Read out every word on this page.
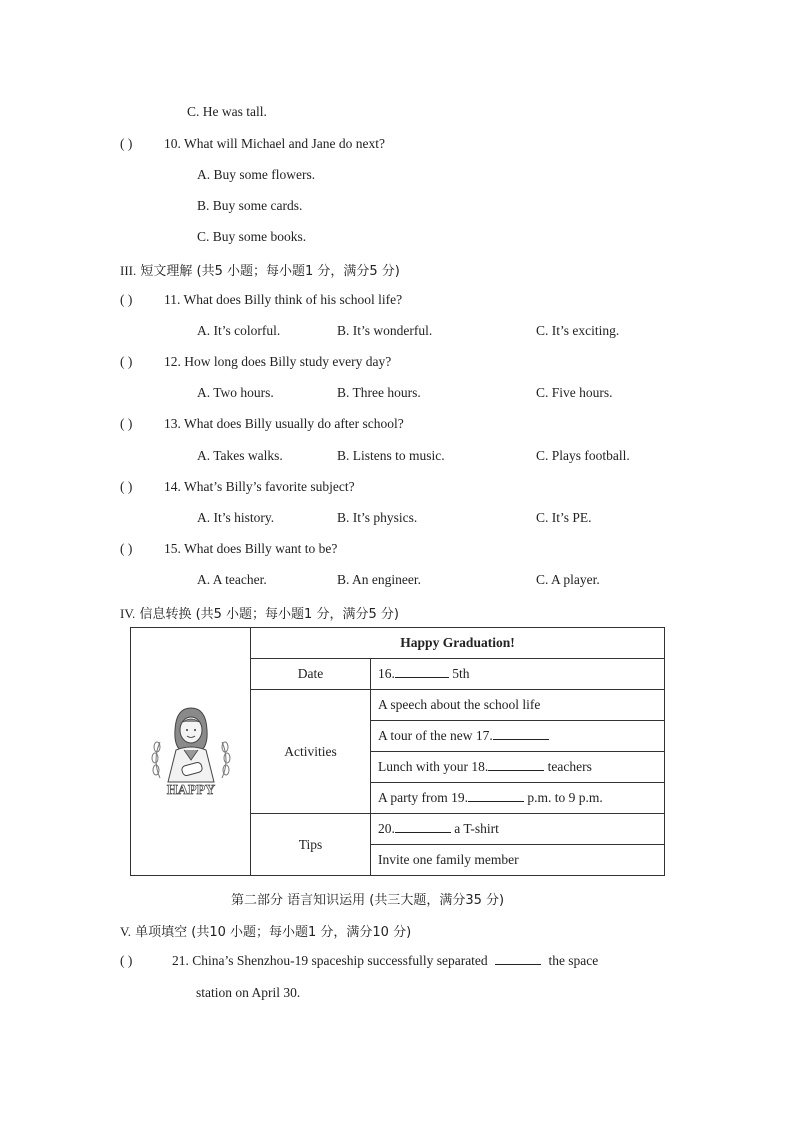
C. He was tall.
( ) 10. What will Michael and Jane do next?
A. Buy some flowers.
B. Buy some cards.
C. Buy some books.
III. 短文理解 (共5 小题；每小题1 分，满分5 分)
( ) 11. What does Billy think of his school life?
A. It’s colorful.	B. It’s wonderful.	C. It’s exciting.
( ) 12. How long does Billy study every day?
A. Two hours.	B. Three hours.	C. Five hours.
( ) 13. What does Billy usually do after school?
A. Takes walks.	B. Listens to music.	C. Plays football.
( ) 14. What’s Billy’s favorite subject?
A. It’s history.	B. It’s physics.	C. It’s PE.
( ) 15. What does Billy want to be?
A. A teacher.	B. An engineer.	C. A player.
IV. 信息转换 (共5 小题；每小题1 分，满分5 分)
HAPPY	Happy Graduation!	
	Date	16. 5th
	Activities	A speech about the school life
		A tour of the new 17.
		Lunch with your 18. teachers
		A party from 19. p.m. to 9 p.m.
	Tips	20. a T-shirt
		Invite one family member
第二部分 语言知识运用 (共三大题，满分35 分)
V. 单项填空 (共10 小题；每小题1 分，满分10 分)
( )	21. China’s Shenzhou-19 spaceship successfully separated	the space
station on April 30.
